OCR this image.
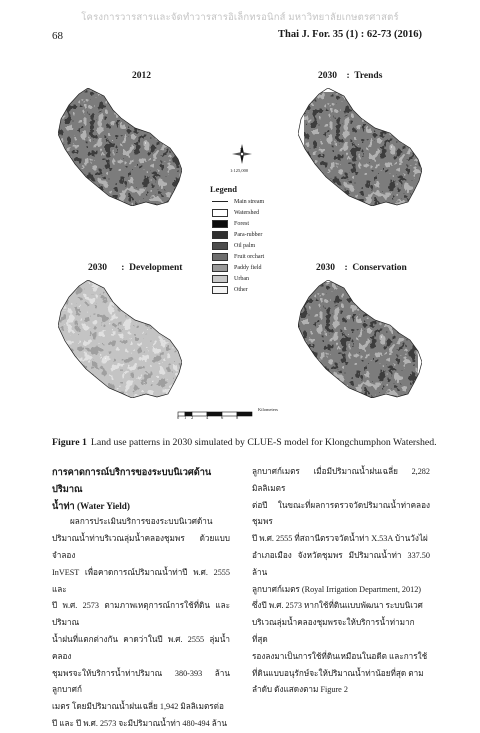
โครงการวารสารและจัดทำวารสารอิเล็กทรอนิกส์ มหาวิทยาลัยเกษตรศาสตร์
68	Thai J. For. 35 (1) : 62-73 (2016)
2012	2030    :  Trends
N
1:125,000
Legend
Main stream
Watershed
Forest
Para-rubber
Oil palm
Fruit orchart
Paddy field
Urban
Other
2030      :  Development	2030    :  Conservation
0 1 2	4	6	8
Kilometers
Figure 1 Land use patterns in 2030 simulated by CLUE-S model for Klongchumphon Watershed.
การคาดการณ์บริการของระบบนิเวศด้านปริมาณ
น้ำท่า (Water Yield)
ผลการประเมินบริการของระบบนิเวศด้าน
ปริมาณน้ำท่าบริเวณลุ่มน้ำคลองชุมพร ด้วยแบบจำลอง
InVEST เพื่อคาดการณ์ปริมาณน้ำท่าปี พ.ศ. 2555 และ
ปี พ.ศ. 2573 ตามภาพเหตุการณ์การใช้ที่ดิน และปริมาณ
น้ำฝนที่แตกต่างกัน คาดว่าในปี พ.ศ. 2555 ลุ่มน้ำคลอง
ชุมพรจะให้บริการน้ำท่าปริมาณ 380-393 ล้านลูกบาศก์
เมตร โดยมีปริมาณน้ำฝนเฉลี่ย 1,942 มิลลิเมตรต่อ
ปี และ ปี พ.ศ. 2573 จะมีปริมาณน้ำท่า 480-494 ล้าน
ลูกบาศก์เมตร เมื่อมีปริมาณน้ำฝนเฉลี่ย 2,282 มิลลิเมตร
ต่อปี ในขณะที่ผลการตรวจวัดปริมาณน้ำท่าคลองชุมพร
ปี พ.ศ. 2555 ที่สถานีตรวจวัดน้ำท่า X.53A บ้านวังไผ่
อำเภอเมือง จังหวัดชุมพร มีปริมาณน้ำท่า 337.50 ล้าน
ลูกบาศก์เมตร (Royal Irrigation Department, 2012)
ซึ่งปี พ.ศ. 2573 หากใช้ที่ดินแบบพัฒนา ระบบนิเวศ
บริเวณลุ่มน้ำคลองชุมพรจะให้บริการน้ำท่ามากที่สุด
รองลงมาเป็นการใช้ที่ดินเหมือนในอดีต และการใช้
ที่ดินแบบอนุรักษ์จะให้ปริมาณน้ำท่าน้อยที่สุด ตาม
ลำดับ ดังแสดงตาม Figure 2
